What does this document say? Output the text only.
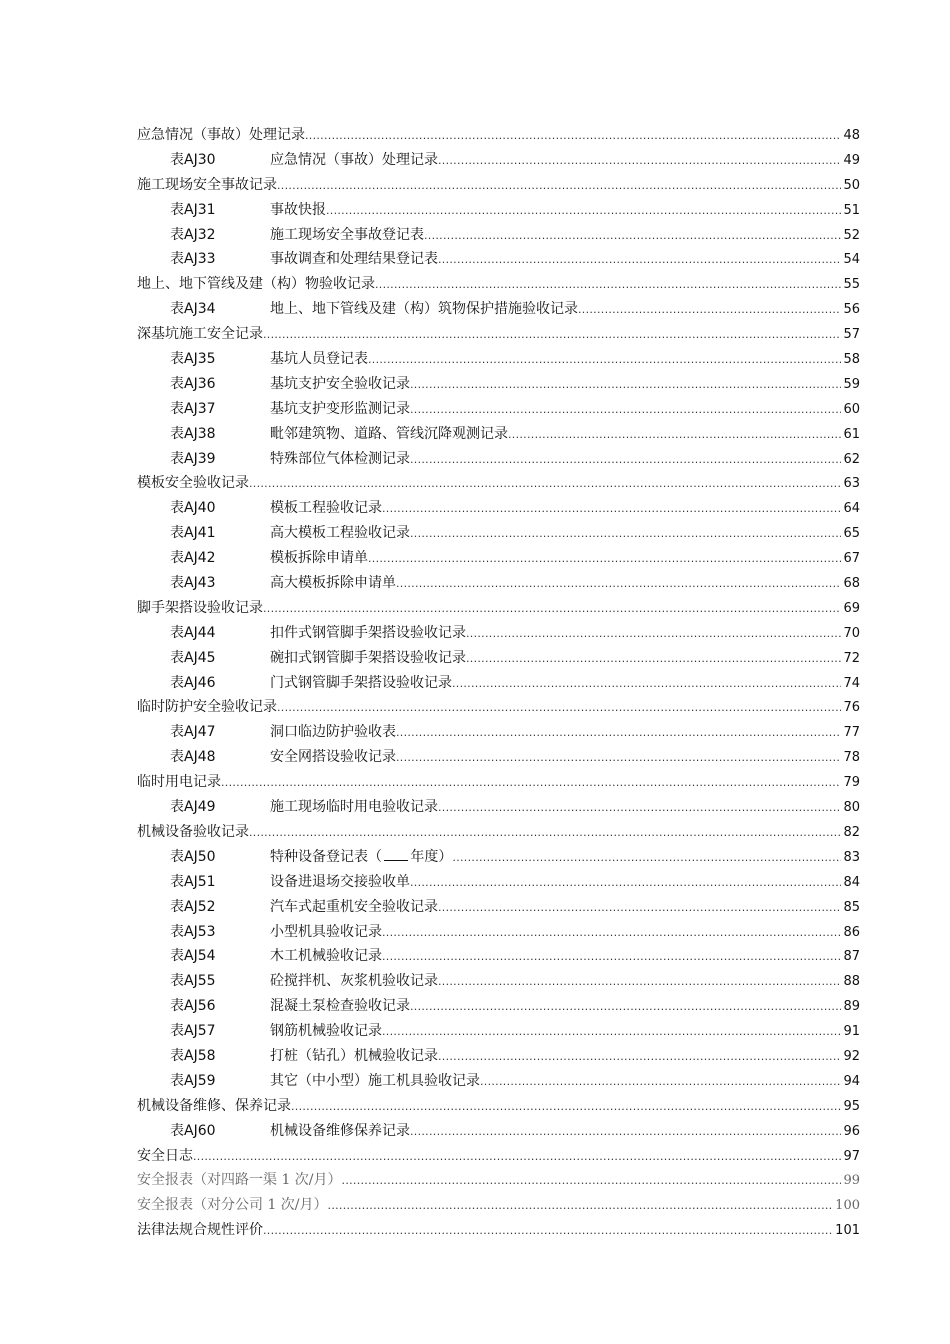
应急情况（事故）处理记录 .....	48
表AJ30	应急情况（事故）处理记录 .....	49
施工现场安全事故记录 .....	50
表AJ31	事故快报 .....	51
表AJ32	施工现场安全事故登记表 .....	52
表AJ33	事故调查和处理结果登记表 .....	54
地上、地下管线及建（构）物验收记录 .....	55
表AJ34	地上、地下管线及建（构）筑物保护措施验收记录 .....	56
深基坑施工安全记录 .....	57
表AJ35	基坑人员登记表 .....	58
表AJ36	基坑支护安全验收记录 .....	59
表AJ37	基坑支护变形监测记录 .....	60
表AJ38	毗邻建筑物、道路、管线沉降观测记录 .....	61
表AJ39	特殊部位气体检测记录 .....	62
模板安全验收记录 .....	63
表AJ40	模板工程验收记录 .....	64
表AJ41	高大模板工程验收记录 .....	65
表AJ42	模板拆除申请单 .....	67
表AJ43	高大模板拆除申请单 .....	68
脚手架搭设验收记录 .....	69
表AJ44	扣件式钢管脚手架搭设验收记录 .....	70
表AJ45	碗扣式钢管脚手架搭设验收记录 .....	72
表AJ46	门式钢管脚手架搭设验收记录 .....	74
临时防护安全验收记录 .....	76
表AJ47	洞口临边防护验收表 .....	77
表AJ48	安全网搭设验收记录 .....	78
临时用电记录 .....	79
表AJ49	施工现场临时用电验收记录 .....	80
机械设备验收记录 .....	82
表AJ50	特种设备登记表（ 年度） .....	83
表AJ51	设备进退场交接验收单 .....	84
表AJ52	汽车式起重机安全验收记录 .....	85
表AJ53	小型机具验收记录 .....	86
表AJ54	木工机械验收记录 .....	87
表AJ55	砼搅拌机、灰浆机验收记录 .....	88
表AJ56	混凝土泵检查验收记录 .....	89
表AJ57	钢筋机械验收记录 .....	91
表AJ58	打桩（钻孔）机械验收记录 .....	92
表AJ59	其它（中小型）施工机具验收记录 .....	94
机械设备维修、保养记录 .....	95
表AJ60	机械设备维修保养记录 .....	96
安全日志 .....	97
安全报表（对四路一渠 1 次/月） .....	99
安全报表（对分公司 1 次/月） .....	100
法律法规合规性评价 .....	101
